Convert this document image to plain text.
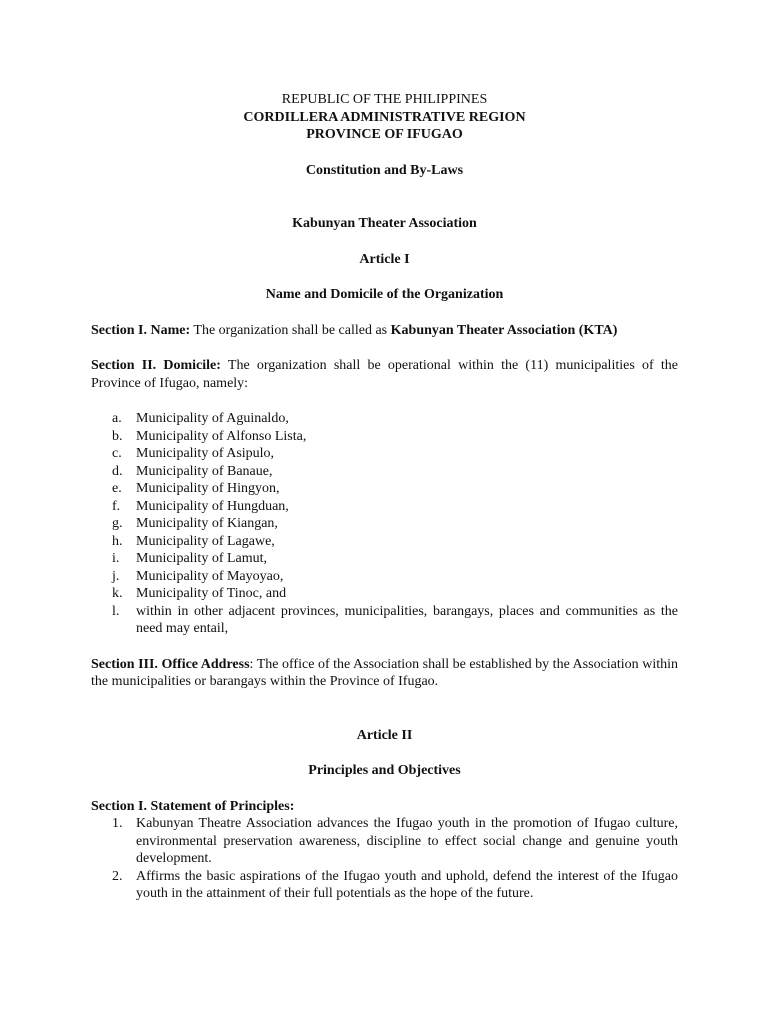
REPUBLIC OF THE PHILIPPINES
CORDILLERA ADMINISTRATIVE REGION
PROVINCE OF IFUGAO
Constitution and By-Laws
Kabunyan Theater Association
Article I
Name and Domicile of the Organization
Section I. Name: The organization shall be called as Kabunyan Theater Association (KTA)
Section II. Domicile: The organization shall be operational within the (11) municipalities of the Province of Ifugao, namely:
a.	Municipality of Aguinaldo,
b. Municipality of Alfonso Lista,
c.	Municipality of Asipulo,
d. Municipality of Banaue,
e.	Municipality of Hingyon,
f.	Municipality of Hungduan,
g. Municipality of Kiangan,
h. Municipality of Lagawe,
i.	Municipality of Lamut,
j.	Municipality of Mayoyao,
k. Municipality of Tinoc, and
l.	within in other adjacent provinces, municipalities, barangays, places and communities as the need may entail,
Section III. Office Address: The office of the Association shall be established by the Association within the municipalities or barangays within the Province of Ifugao.
Article II
Principles and Objectives
Section I. Statement of Principles:
1. Kabunyan Theatre Association advances the Ifugao youth in the promotion of Ifugao culture, environmental preservation awareness, discipline to effect social change and genuine youth development.
2. Affirms the basic aspirations of the Ifugao youth and uphold, defend the interest of the Ifugao youth in the attainment of their full potentials as the hope of the future.
